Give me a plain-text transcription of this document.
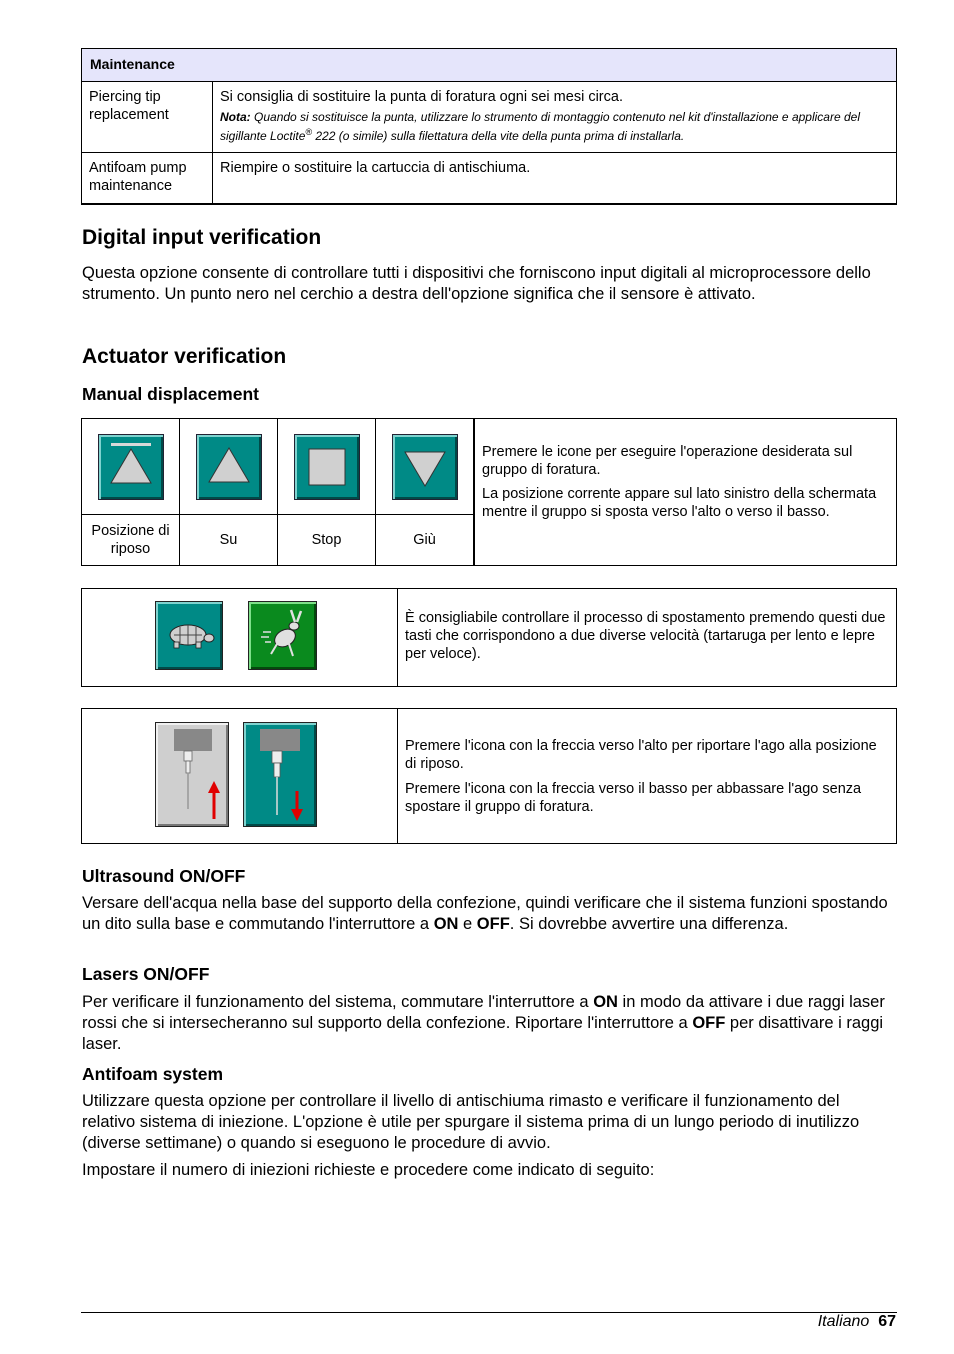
Maintenance	
Piercing tip replacement	Si consiglia di sostituire la punta di foratura ogni sei mesi circa.
Nota: Quando si sostituisce la punta, utilizzare lo strumento di montaggio contenuto nel kit d'installazione e applicare del sigillante Loctite® 222 (o simile) sulla filettatura della vite della punta prima di installarla.

Antifoam pump maintenance	Riempire o sostituire la cartuccia di antischiuma.
Digital input verification

Questa opzione consente di controllare tutti i dispositivi che forniscono input digitali al microprocessore dello strumento. Un punto nero nel cerchio a destra dell'opzione significa che il sensore è attivato.

Actuator verification
Manual displacement

Premere le icone per eseguire l'operazione desiderata sul gruppo di foratura.
La posizione corrente appare sul lato sinistro della schermata mentre il gruppo si sposta verso l'alto o verso il basso.

Posizione di riposo	Su	Stop	Giù	
È consigliabile controllare il processo di spostamento premendo questi due tasti che corrispondono a due diverse velocità (tartaruga per lento e lepre per veloce).
Premere l'icona con la freccia verso l'alto per riportare l'ago alla posizione di riposo.
Premere l'icona con la freccia verso il basso per abbassare l'ago senza spostare il gruppo di foratura.
Ultrasound ON/OFF

Versare dell'acqua nella base del supporto della confezione, quindi verificare che il sistema funzioni spostando un dito sulla base e commutando l'interruttore a ON e OFF. Si dovrebbe avvertire una differenza.

Lasers ON/OFF

Per verificare il funzionamento del sistema, commutare l'interruttore a ON in modo da attivare i due raggi laser rossi che si intersecheranno sul supporto della confezione. Riportare l'interruttore a OFF per disattivare i raggi laser.

Antifoam system

Utilizzare questa opzione per controllare il livello di antischiuma rimasto e verificare il funzionamento del relativo sistema di iniezione. L'opzione è utile per spurgare il sistema prima di un lungo periodo di inutilizzo (diverse settimane) o quando si eseguono le procedure di avvio.

Impostare il numero di iniezioni richieste e procedere come indicato di seguito:

Italiano 67
